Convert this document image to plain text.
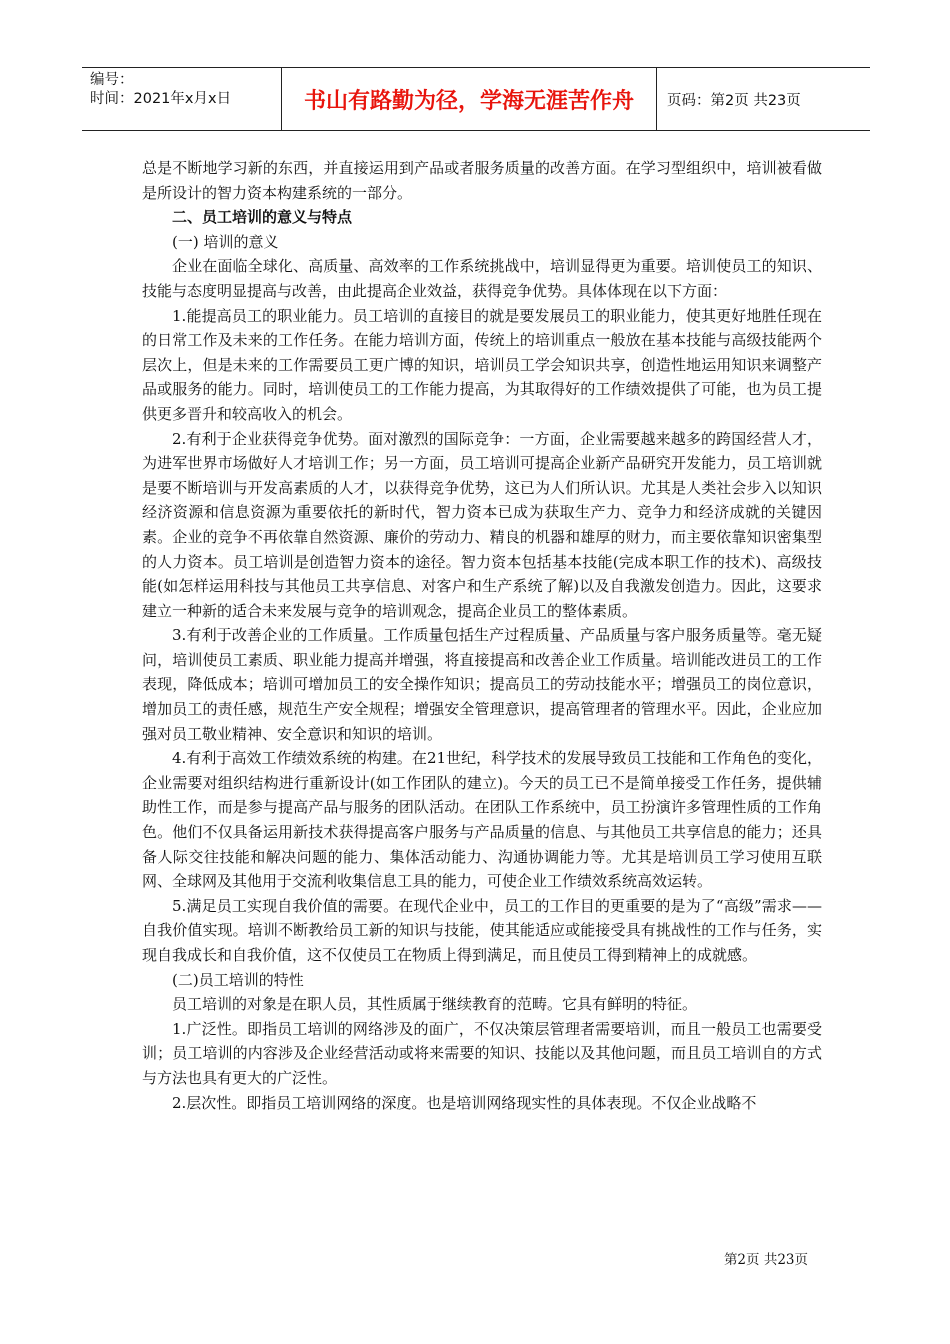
编号：
时间：2021年x月x日	书山有路勤为径，学海无涯苦作舟	页码：第2页 共23页

总是不断地学习新的东西，并直接运用到产品或者服务质量的改善方面。在学习型组织中，培训被看做是所设计的智力资本构建系统的一部分。

二、员工培训的意义与特点

(一) 培训的意义

企业在面临全球化、高质量、高效率的工作系统挑战中，培训显得更为重要。培训使员工的知识、技能与态度明显提高与改善，由此提高企业效益，获得竞争优势。具体体现在以下方面：

1.能提高员工的职业能力。员工培训的直接目的就是要发展员工的职业能力，使其更好地胜任现在的日常工作及未来的工作任务。在能力培训方面，传统上的培训重点一般放在基本技能与高级技能两个层次上，但是未来的工作需要员工更广博的知识，培训员工学会知识共享，创造性地运用知识来调整产品或服务的能力。同时，培训使员工的工作能力提高，为其取得好的工作绩效提供了可能，也为员工提供更多晋升和较高收入的机会。

2.有利于企业获得竞争优势。面对激烈的国际竞争：一方面，企业需要越来越多的跨国经营人才，为进军世界市场做好人才培训工作；另一方面，员工培训可提高企业新产品研究开发能力，员工培训就是要不断培训与开发高素质的人才，以获得竞争优势，这已为人们所认识。尤其是人类社会步入以知识经济资源和信息资源为重要依托的新时代，智力资本已成为获取生产力、竞争力和经济成就的关键因素。企业的竞争不再依靠自然资源、廉价的劳动力、精良的机器和雄厚的财力，而主要依靠知识密集型的人力资本。员工培训是创造智力资本的途径。智力资本包括基本技能(完成本职工作的技术)、高级技能(如怎样运用科技与其他员工共享信息、对客户和生产系统了解)以及自我激发创造力。因此，这要求建立一种新的适合未来发展与竞争的培训观念，提高企业员工的整体素质。

3.有利于改善企业的工作质量。工作质量包括生产过程质量、产品质量与客户服务质量等。毫无疑问，培训使员工素质、职业能力提高并增强，将直接提高和改善企业工作质量。培训能改进员工的工作表现，降低成本；培训可增加员工的安全操作知识；提高员工的劳动技能水平；增强员工的岗位意识，增加员工的责任感，规范生产安全规程；增强安全管理意识，提高管理者的管理水平。因此，企业应加强对员工敬业精神、安全意识和知识的培训。

4.有利于高效工作绩效系统的构建。在21世纪，科学技术的发展导致员工技能和工作角色的变化，企业需要对组织结构进行重新设计(如工作团队的建立)。今天的员工已不是简单接受工作任务，提供辅助性工作，而是参与提高产品与服务的团队活动。在团队工作系统中，员工扮演许多管理性质的工作角色。他们不仅具备运用新技术获得提高客户服务与产品质量的信息、与其他员工共享信息的能力；还具备人际交往技能和解决问题的能力、集体活动能力、沟通协调能力等。尤其是培训员工学习使用互联网、全球网及其他用于交流利收集信息工具的能力，可使企业工作绩效系统高效运转。

5.满足员工实现自我价值的需要。在现代企业中，员工的工作目的更重要的是为了“高级”需求——自我价值实现。培训不断教给员工新的知识与技能，使其能适应或能接受具有挑战性的工作与任务，实现自我成长和自我价值，这不仅使员工在物质上得到满足，而且使员工得到精神上的成就感。

(二)员工培训的特性

员工培训的对象是在职人员，其性质属于继续教育的范畴。它具有鲜明的特征。

1.广泛性。即指员工培训的网络涉及的面广，不仅决策层管理者需要培训，而且一般员工也需要受训；员工培训的内容涉及企业经营活动或将来需要的知识、技能以及其他问题，而且员工培训自的方式与方法也具有更大的广泛性。

2.层次性。即指员工培训网络的深度。也是培训网络现实性的具体表现。不仅企业战略不

第2页 共23页
